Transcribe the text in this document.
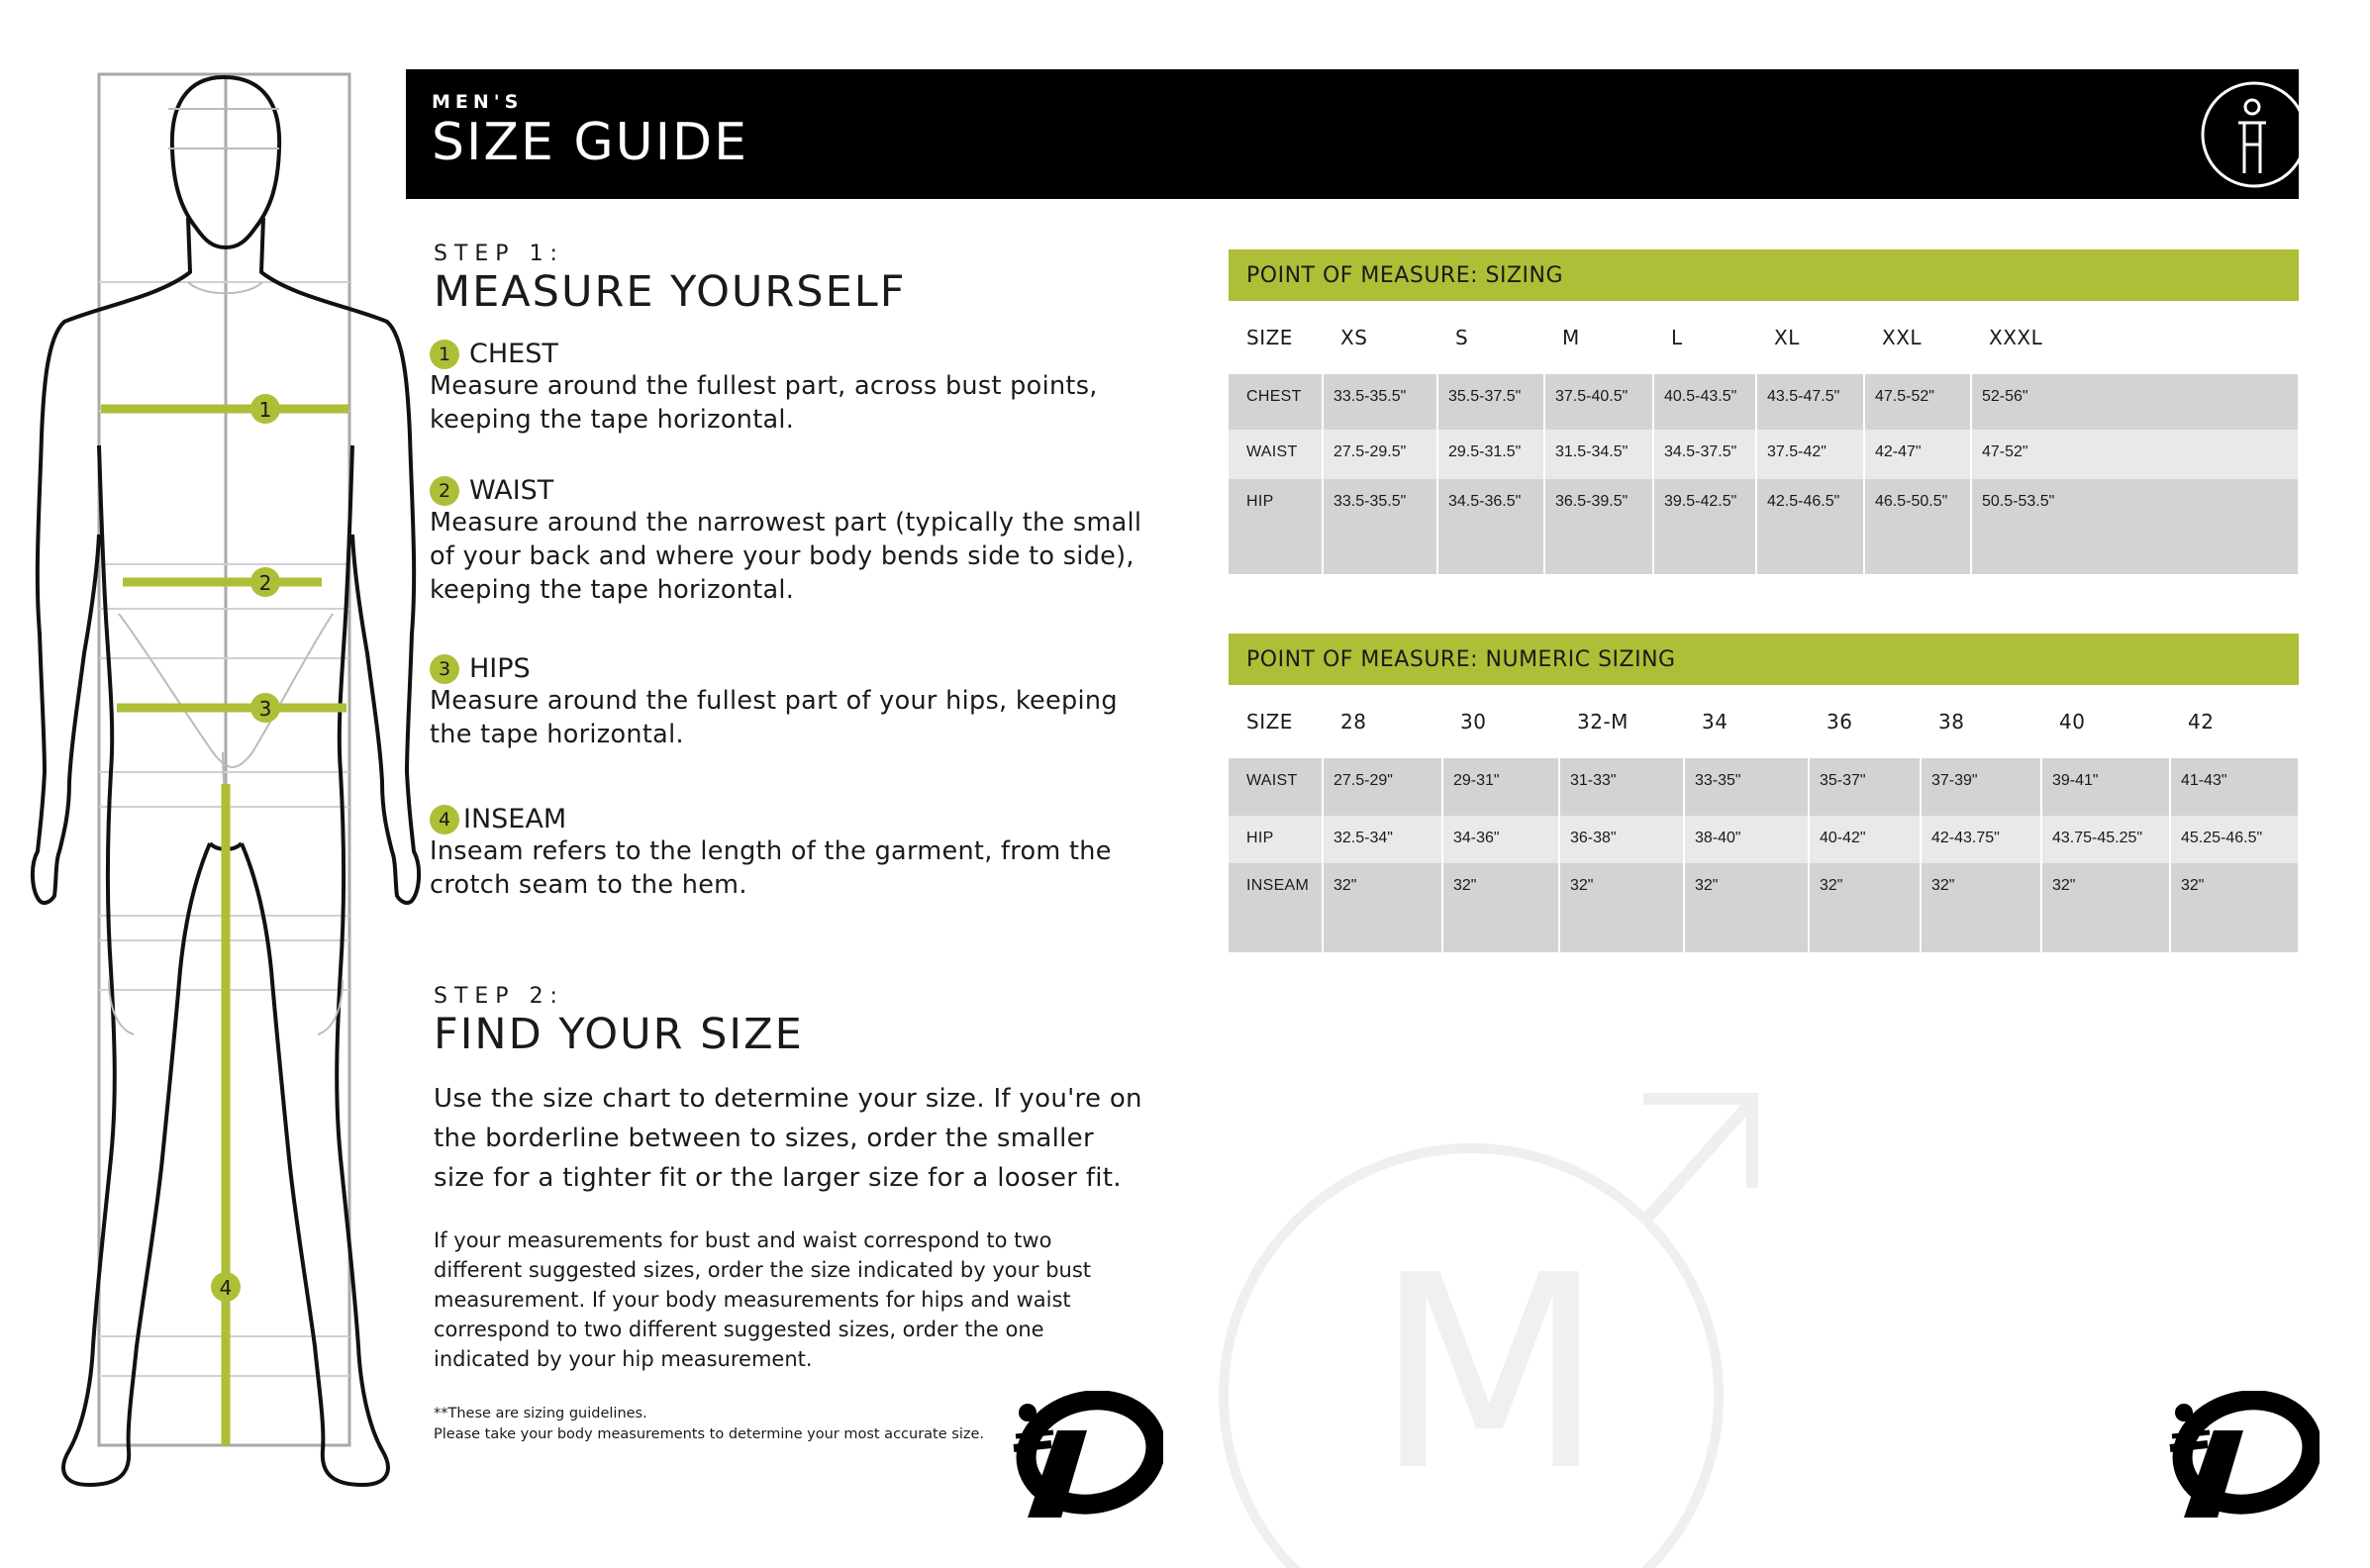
1
2
3
4
MEN'S
SIZE GUIDE
STEP 1:
MEASURE YOURSELF
1 CHEST
Measure around the fullest part, across bust points, keeping the tape horizontal.
2 WAIST
Measure around the narrowest part (typically the small of your back and where your body bends side to side), keeping the tape horizontal.
3 HIPS
Measure around the fullest part of your hips, keeping the tape horizontal.
4 INSEAM
Inseam refers to the length of the garment, from the crotch seam to the hem.
STEP 2:
FIND YOUR SIZE
Use the size chart to determine your size. If you're on the borderline between to sizes, order the smaller size for a tighter fit or the larger size for a looser fit.
If your measurements for bust and waist correspond to two different suggested sizes, order the size indicated by your bust measurement. If your body measurements for hips and waist correspond to two different suggested sizes, order the one indicated by your hip measurement.
**These are sizing guidelines.
Please take your body measurements to determine your most accurate size.	M
POINT OF MEASURE: SIZING
SIZE	XS	S	M	L	XL	XXL	XXXL
CHEST	33.5-35.5"	35.5-37.5"	37.5-40.5"	40.5-43.5"	43.5-47.5"	47.5-52"	52-56"
WAIST	27.5-29.5"	29.5-31.5"	31.5-34.5"	34.5-37.5"	37.5-42"	42-47"	47-52"
HIP	33.5-35.5"	34.5-36.5"	36.5-39.5"	39.5-42.5"	42.5-46.5"	46.5-50.5"	50.5-53.5"
POINT OF MEASURE: NUMERIC SIZING
SIZE	28	30	32-M	34	36	38	40	42
WAIST	27.5-29"	29-31"	31-33"	33-35"	35-37"	37-39"	39-41"	41-43"
HIP	32.5-34"	34-36"	36-38"	38-40"	40-42"	42-43.75"	43.75-45.25"	45.25-46.5"
INSEAM	32"	32"	32"	32"	32"	32"	32"	32"
